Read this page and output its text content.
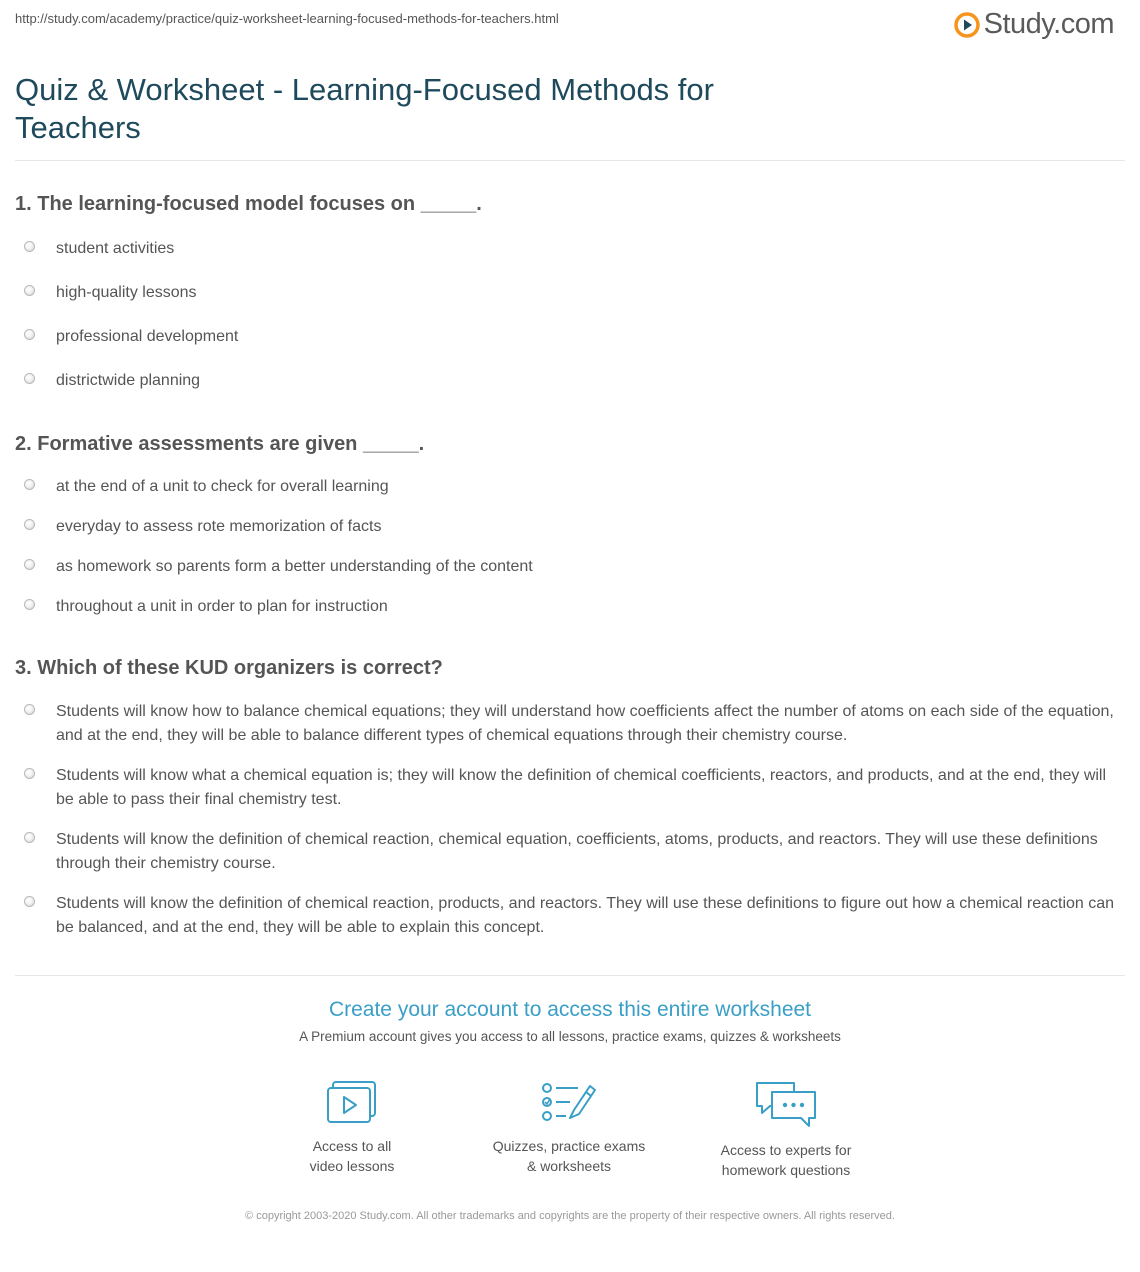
http://study.com/academy/practice/quiz-worksheet-learning-focused-methods-for-teachers.html	Study.com
Quiz & Worksheet - Learning-Focused Methods for Teachers
1. The learning-focused model focuses on _____.
student activities
high-quality lessons
professional development
districtwide planning
2. Formative assessments are given _____.
at the end of a unit to check for overall learning
everyday to assess rote memorization of facts
as homework so parents form a better understanding of the content
throughout a unit in order to plan for instruction
3. Which of these KUD organizers is correct?
Students will know how to balance chemical equations; they will understand how coefficients affect the number of atoms on each side of the equation, and at the end, they will be able to balance different types of chemical equations through their chemistry course.
Students will know what a chemical equation is; they will know the definition of chemical coefficients, reactors, and products, and at the end, they will be able to pass their final chemistry test.
Students will know the definition of chemical reaction, chemical equation, coefficients, atoms, products, and reactors. They will use these definitions through their chemistry course.
Students will know the definition of chemical reaction, products, and reactors. They will use these definitions to figure out how a chemical reaction can be balanced, and at the end, they will be able to explain this concept.
Create your account to access this entire worksheet
A Premium account gives you access to all lessons, practice exams, quizzes & worksheets
Access to all
video lessons
Quizzes, practice exams
& worksheets
Access to experts for
homework questions
© copyright 2003-2020 Study.com. All other trademarks and copyrights are the property of their respective owners. All rights reserved.
